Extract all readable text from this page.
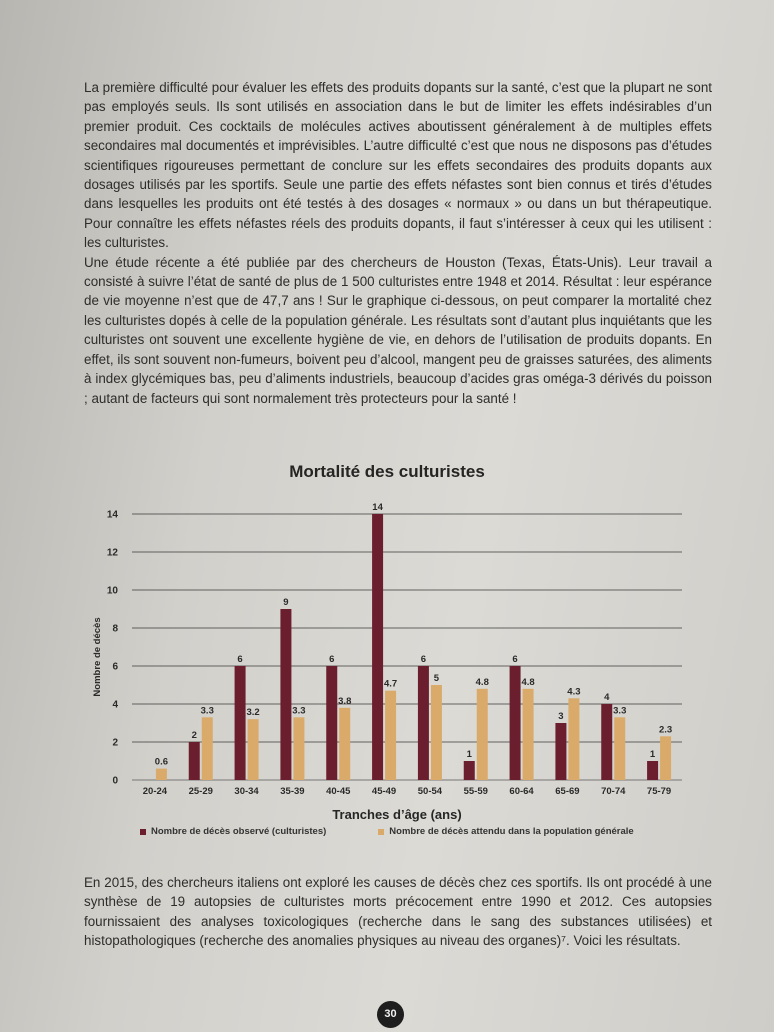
La première difficulté pour évaluer les effets des produits dopants sur la santé, c’est que la plupart ne sont pas employés seuls. Ils sont utilisés en association dans le but de limiter les effets indésirables d’un premier produit. Ces cocktails de molécules actives aboutissent généralement à de multiples effets secondaires mal documentés et imprévisibles. L’autre difficulté c’est que nous ne disposons pas d’études scientifiques rigoureuses permettant de conclure sur les effets secondaires des produits dopants aux dosages utilisés par les sportifs. Seule une partie des effets néfastes sont bien connus et tirés d’études dans lesquelles les produits ont été testés à des dosages « normaux » ou dans un but thérapeutique. Pour connaître les effets néfastes réels des produits dopants, il faut s’intéresser à ceux qui les utilisent : les culturistes.

Une étude récente a été publiée par des chercheurs de Houston (Texas, États-Unis). Leur travail a consisté à suivre l’état de santé de plus de 1 500 culturistes entre 1948 et 2014. Résultat : leur espérance de vie moyenne n’est que de 47,7 ans ! Sur le graphique ci-dessous, on peut comparer la mortalité chez les culturistes dopés à celle de la population générale. Les résultats sont d’autant plus inquiétants que les culturistes ont souvent une excellente hygiène de vie, en dehors de l’utilisation de produits dopants. En effet, ils sont souvent non-fumeurs, boivent peu d’alcool, mangent peu de graisses saturées, des aliments à index glycémiques bas, peu d’aliments industriels, beaucoup d’acides gras oméga-3 dérivés du poisson ; autant de facteurs qui sont normalement très protecteurs pour la santé !

Mortalité des culturistes
0
2
4
6
8
10
12
14
20-24
0.6
25-29
2
3.3
30-34
6
3.2
35-39
9
3.3
40-45
6
3.8
45-49
14
4.7
50-54
6
5
55-59
1
4.8
60-64
6
4.8
65-69
3
4.3
70-74
4
3.3
75-79
1
2.3
Nombre de décès
Tranches d’âge (ans)
Nombre de décès observé (culturistes)	Nombre de décès attendu dans la population générale

En 2015, des chercheurs italiens ont exploré les causes de décès chez ces sportifs. Ils ont procédé à une synthèse de 19 autopsies de culturistes morts précocement entre 1990 et 2012. Ces autopsies fournissaient des analyses toxicologiques (recherche dans le sang des substances utilisées) et histopathologiques (recherche des anomalies physiques au niveau des organes)⁷. Voici les résultats.

30
